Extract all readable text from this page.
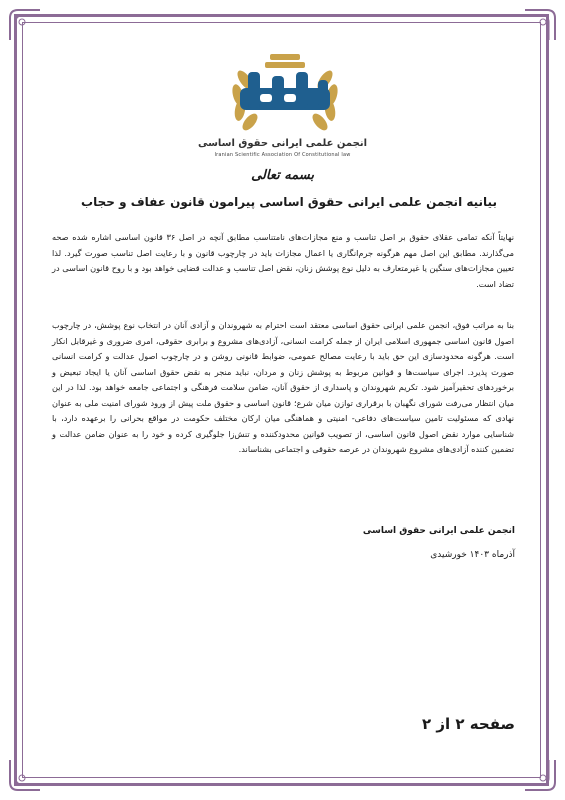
انجمن علمی ایرانی حقوق اساسی
Iranian Scientific Association Of Constitutional law
بسمه تعالی
بیانیه انجمن علمی ایرانی حقوق اساسی پیرامون قانون عفاف و حجاب
نهایتاً آنکه تمامی عقلای حقوق بر اصل تناسب و منع مجازات‌های نامتناسب مطابق آنچه در اصل ۳۶ قانون اساسی اشاره شده صحه می‌گذارند. مطابق این اصل مهم هرگونه جرم‌انگاری یا اعمال مجازات باید در چارچوب قانون و با رعایت اصل تناسب صورت گیرد. لذا تعیین مجازات‌های سنگین یا غیرمتعارف به دلیل نوع پوشش زنان، نقض اصل تناسب و عدالت قضایی خواهد بود و با روح قانون اساسی در تضاد است.
بنا به مراتب فوق، انجمن علمی ایرانی حقوق اساسی معتقد است احترام به شهروندان و آزادی آنان در انتخاب نوع پوشش، در چارچوب اصول قانون اساسی جمهوری اسلامی ایران از جمله کرامت انسانی، آزادی‌های مشروع و برابری حقوقی، امری ضروری و غیرقابل انکار است. هرگونه محدودسازی این حق باید با رعایت مصالح عمومی، ضوابط قانونی روشن و در چارچوب اصول عدالت و کرامت انسانی صورت پذیرد. اجرای سیاست‌ها و قوانین مربوط به پوشش زنان و مردان، نباید منجر به نقض حقوق اساسی آنان یا ایجاد تبعیض و برخوردهای تحقیرآمیز شود. تکریم شهروندان و پاسداری از حقوق آنان، ضامن سلامت فرهنگی و اجتماعی جامعه خواهد بود. لذا در این میان انتظار می‌رفت شورای نگهبان با برقراری توازن میان شرع؛ قانون اساسی و حقوق ملت پیش از ورود شورای امنیت ملی به عنوان نهادی که مسئولیت تامین سیاست‌های دفاعی- امنیتی و هماهنگی میان ارکان مختلف حکومت در مواقع بحرانی را برعهده دارد، با شناسایی موارد نقض اصول قانون اساسی، از تصویب قوانین محدودکننده و تنش‌زا جلوگیری کرده و خود را به عنوان ضامن عدالت و تضمین کننده آزادی‌های مشروع شهروندان در عرصه حقوقی و اجتماعی بشناساند.
انجمن علمی ایرانی حقوق اساسی
آذرماه ۱۴۰۳ خورشیدی
صفحه ۲ از ۲
